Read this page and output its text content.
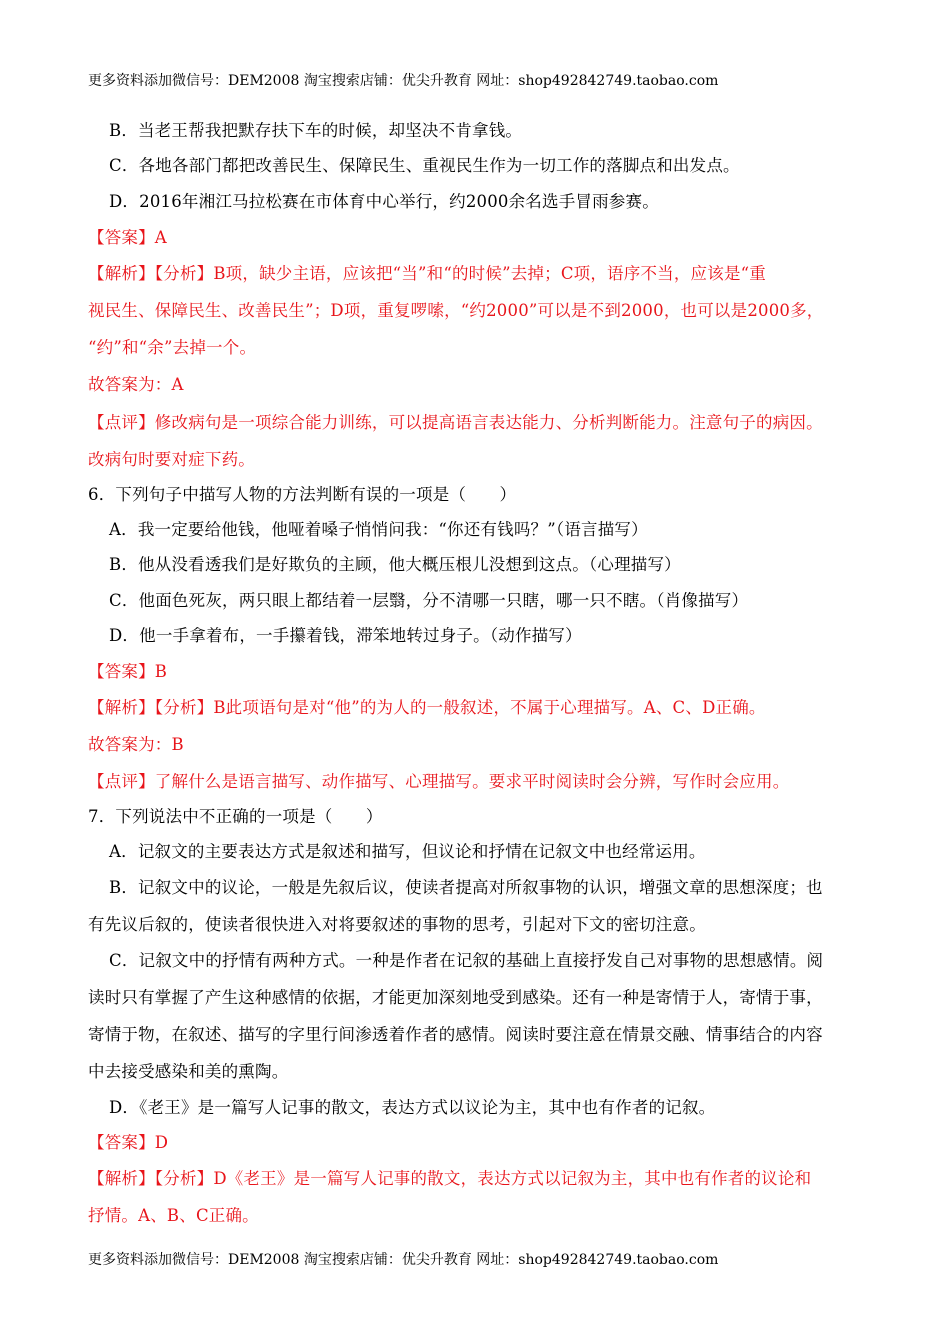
更多资料添加微信号：DEM2008 淘宝搜索店铺：优尖升教育 网址：shop492842749.taobao.com
B．当老王帮我把默存扶下车的时候，却坚决不肯拿钱。
C．各地各部门都把改善民生、保障民生、重视民生作为一切工作的落脚点和出发点。
D．2016年湘江马拉松赛在市体育中心举行，约2000余名选手冒雨参赛。
【答案】A
【解析】【分析】B项，缺少主语，应该把“当”和“的时候”去掉；C项，语序不当，应该是“重
视民生、保障民生、改善民生”；D项，重复啰嗦，“约2000”可以是不到2000，也可以是2000多，
“约”和“余”去掉一个。
故答案为：A
【点评】修改病句是一项综合能力训练，可以提高语言表达能力、分析判断能力。注意句子的病因。
改病句时要对症下药。
6．下列句子中描写人物的方法判断有误的一项是（　　）
A．我一定要给他钱，他哑着嗓子悄悄问我：“你还有钱吗？”（语言描写）
B．他从没看透我们是好欺负的主顾，他大概压根儿没想到这点。（心理描写）
C．他面色死灰，两只眼上都结着一层翳，分不清哪一只瞎，哪一只不瞎。（肖像描写）
D．他一手拿着布，一手攥着钱，滞笨地转过身子。（动作描写）
【答案】B
【解析】【分析】B此项语句是对“他”的为人的一般叙述，不属于心理描写。A、C、D正确。
故答案为：B
【点评】了解什么是语言描写、动作描写、心理描写。要求平时阅读时会分辨，写作时会应用。
7．下列说法中不正确的一项是（　　）
A．记叙文的主要表达方式是叙述和描写，但议论和抒情在记叙文中也经常运用。
B．记叙文中的议论，一般是先叙后议，使读者提高对所叙事物的认识，增强文章的思想深度；也
有先议后叙的，使读者很快进入对将要叙述的事物的思考，引起对下文的密切注意。
C．记叙文中的抒情有两种方式。一种是作者在记叙的基础上直接抒发自己对事物的思想感情。阅
读时只有掌握了产生这种感情的依据，才能更加深刻地受到感染。还有一种是寄情于人，寄情于事，
寄情于物，在叙述、描写的字里行间渗透着作者的感情。阅读时要注意在情景交融、情事结合的内容
中去接受感染和美的熏陶。
D．《老王》是一篇写人记事的散文，表达方式以议论为主，其中也有作者的记叙。
【答案】D
【解析】【分析】D《老王》是一篇写人记事的散文，表达方式以记叙为主，其中也有作者的议论和
抒情。A、B、C正确。
更多资料添加微信号：DEM2008 淘宝搜索店铺：优尖升教育 网址：shop492842749.taobao.com
